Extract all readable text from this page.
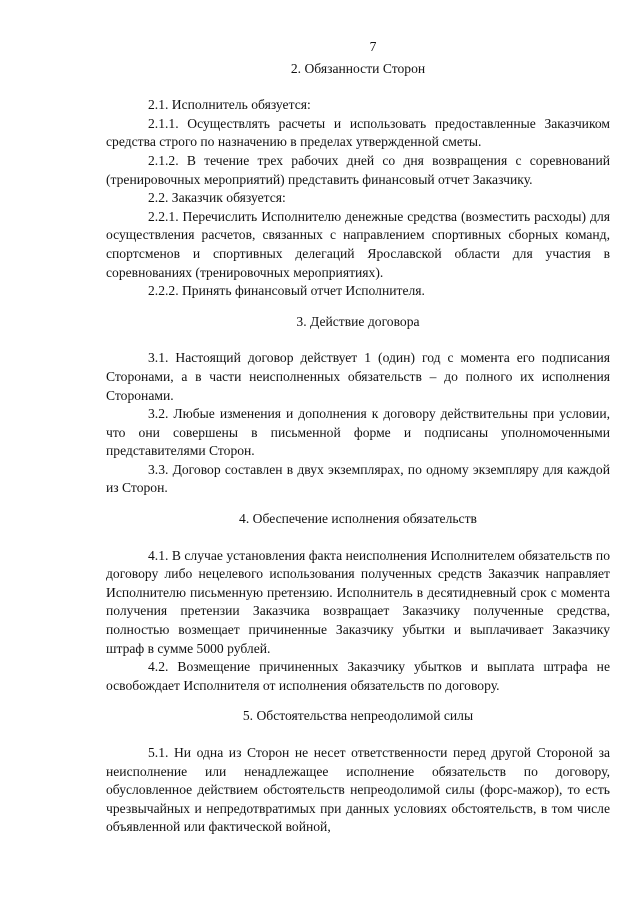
7
2. Обязанности Сторон

2.1. Исполнитель обязуется:

2.1.1. Осуществлять расчеты и использовать предоставленные Заказчиком средства строго по назначению в пределах утвержденной сметы.

2.1.2. В течение трех рабочих дней со дня возвращения с соревнований (тренировочных мероприятий) представить финансовый отчет Заказчику.

2.2. Заказчик обязуется:

2.2.1. Перечислить Исполнителю денежные средства (возместить расходы) для осуществления расчетов, связанных с направлением спортивных сборных команд, спортсменов и спортивных делегаций Ярославской области для участия в соревнованиях (тренировочных мероприятиях).

2.2.2. Принять финансовый отчет Исполнителя.

3. Действие договора

3.1. Настоящий договор действует 1 (один) год с момента его подписания Сторонами, а в части неисполненных обязательств – до полного их исполнения Сторонами.

3.2. Любые изменения и дополнения к договору действительны при условии, что они совершены в письменной форме и подписаны уполномоченными представителями Сторон.

3.3. Договор составлен в двух экземплярах, по одному экземпляру для каждой из Сторон.

4. Обеспечение исполнения обязательств

4.1. В случае установления факта неисполнения Исполнителем обязательств по договору либо нецелевого использования полученных средств Заказчик направляет Исполнителю письменную претензию. Исполнитель в десятидневный срок с момента получения претензии Заказчика возвращает Заказчику полученные средства, полностью возмещает причиненные Заказчику убытки и выплачивает Заказчику штраф в сумме 5000 рублей.

4.2. Возмещение причиненных Заказчику убытков и выплата штрафа не освобождает Исполнителя от исполнения обязательств по договору.

5. Обстоятельства непреодолимой силы

5.1. Ни одна из Сторон не несет ответственности перед другой Стороной за неисполнение или ненадлежащее исполнение обязательств по договору, обусловленное действием обстоятельств непреодолимой силы (форс-мажор), то есть чрезвычайных и непредотвратимых при данных условиях обстоятельств, в том числе объявленной или фактической войной,
